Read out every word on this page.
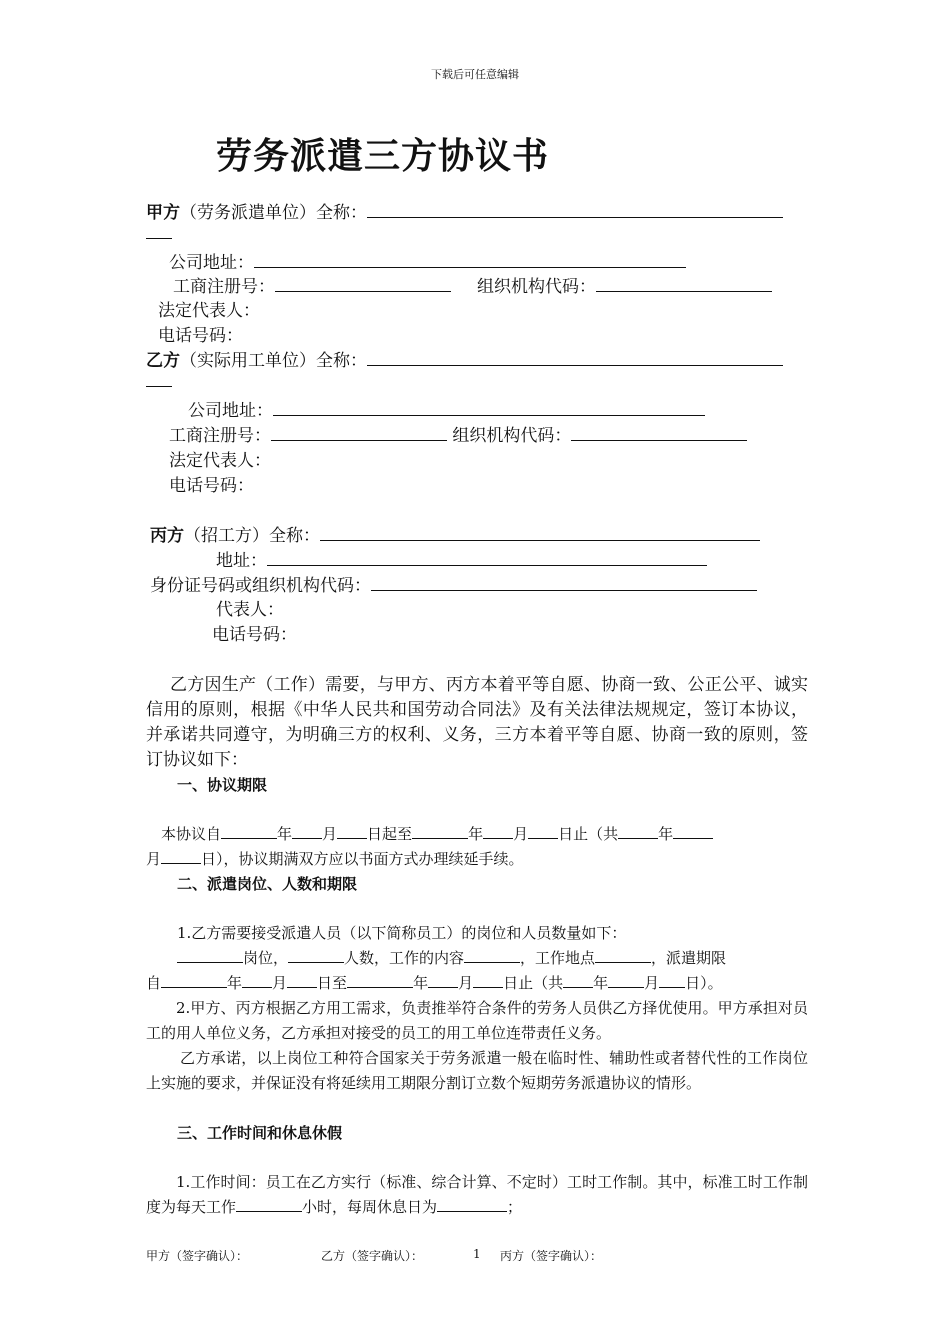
下载后可任意编辑
劳务派遣三方协议书
甲方（劳务派遣单位）全称：
公司地址：
工商注册号：	组织机构代码：
法定代表人：
电话号码：
乙方（实际用工单位）全称：
公司地址：
工商注册号：	组织机构代码：
法定代表人：
电话号码：
丙方（招工方）全称：
地址：
身份证号码或组织机构代码：
代表人：
电话号码：
乙方因生产（工作）需要，与甲方、丙方本着平等自愿、协商一致、公正公平、诚实信用的原则，根据《中华人民共和国劳动合同法》及有关法律法规规定，签订本协议，并承诺共同遵守，为明确三方的权利、义务，三方本着平等自愿、协商一致的原则，签订协议如下：
一、协议期限
本协议自	年 月 日起至	年 月 日止（共	年
月	日），协议期满双方应以书面方式办理续延手续。
二、派遣岗位、人数和期限
1.乙方需要接受派遣人员（以下简称员工）的岗位和人员数量如下：
岗位，	人数，工作的内容	，工作地点	，派遣期限
自	年 月 日至	年 月 日止（共 年 月 日）。
2.甲方、丙方根据乙方用工需求，负责推举符合条件的劳务人员供乙方择优使用。甲方承担对员工的用人单位义务，乙方承担对接受的员工的用工单位连带责任义务。
乙方承诺，以上岗位工种符合国家关于劳务派遣一般在临时性、辅助性或者替代性的工作岗位上实施的要求，并保证没有将延续用工期限分割订立数个短期劳务派遣协议的情形。
三、工作时间和休息休假
1.工作时间：员工在乙方实行（标准、综合计算、不定时）工时工作制。其中，标准工时工作制度为每天工作	小时，每周休息日为	；
甲方（签字确认）：	乙方（签字确认）：	1 丙方（签字确认）：
